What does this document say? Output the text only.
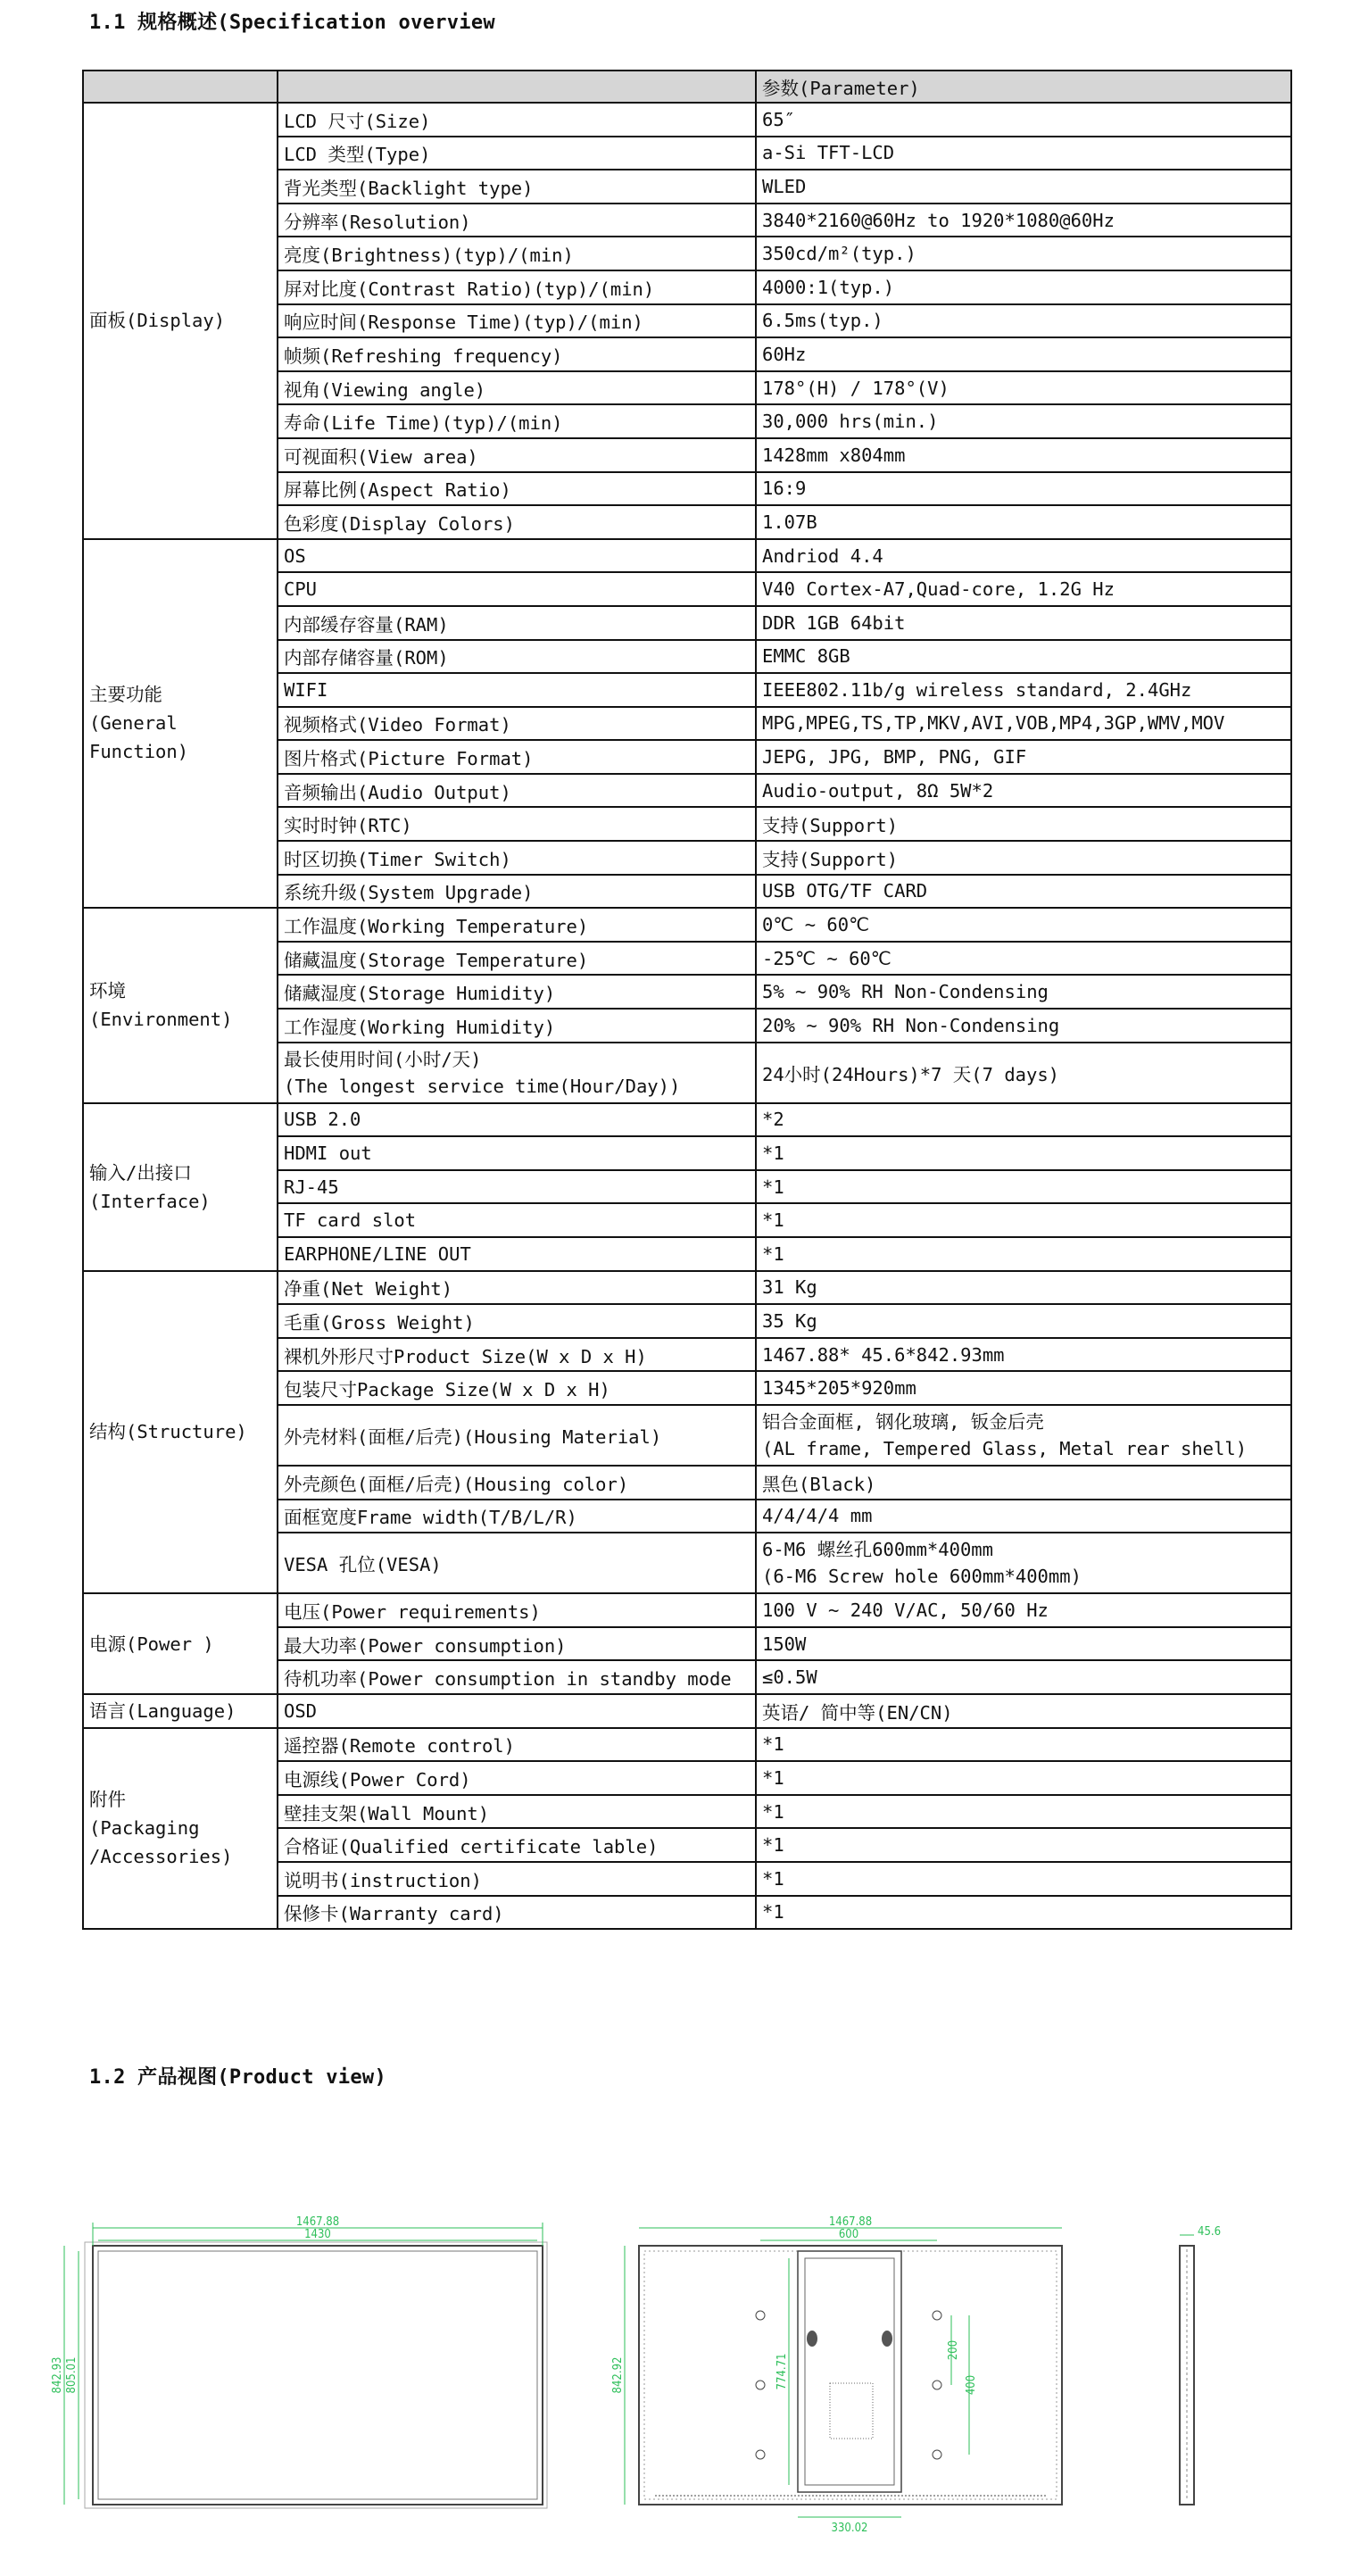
1.1 规格概述(Specification overview
		参数(Parameter)

面板(Display)	LCD 尺寸(Size)	65″
	LCD 类型(Type)	a-Si TFT-LCD
	背光类型(Backlight type)	WLED
	分辨率(Resolution)	3840*2160@60Hz to 1920*1080@60Hz
	亮度(Brightness)(typ)/(min)	350cd/m²(typ.)
	屏对比度(Contrast Ratio)(typ)/(min)	4000:1(typ.)
	响应时间(Response Time)(typ)/(min)	6.5ms(typ.)
	帧频(Refreshing frequency)	60Hz
	视角(Viewing angle)	178°(H) / 178°(V)
	寿命(Life Time)(typ)/(min)	30,000 hrs(min.)
	可视面积(View area)	1428mm x804mm
	屏幕比例(Aspect Ratio)	16:9
	色彩度(Display Colors)	1.07B

主要功能
(General
Function)	OS	Andriod 4.4
	CPU	V40 Cortex-A7,Quad-core, 1.2G Hz
	内部缓存容量(RAM)	DDR 1GB 64bit
	内部存储容量(ROM)	EMMC 8GB
	WIFI	IEEE802.11b/g wireless standard, 2.4GHz
	视频格式(Video Format)	MPG,MPEG,TS,TP,MKV,AVI,VOB,MP4,3GP,WMV,MOV
	图片格式(Picture Format)	JEPG, JPG, BMP, PNG, GIF
	音频输出(Audio Output)	Audio-output, 8Ω 5W*2
	实时时钟(RTC)	支持(Support)
	时区切换(Timer Switch)	支持(Support)
	系统升级(System Upgrade)	USB OTG/TF CARD

环境
(Environment)	工作温度(Working Temperature)	0℃ ~ 60℃
	储藏温度(Storage Temperature)	-25℃ ~ 60℃
	储藏湿度(Storage Humidity)	5% ~ 90% RH Non-Condensing
	工作湿度(Working Humidity)	20% ~ 90% RH Non-Condensing

	最长使用时间(小时/天)
(The longest service time(Hour/Day))	24小时(24Hours)*7 天(7 days)

输入/出接口
(Interface)	USB 2.0	*2
	HDMI out	*1
	RJ-45	*1
	TF card slot	*1
	EARPHONE/LINE OUT	*1

结构(Structure)	净重(Net Weight)	31 Kg
	毛重(Gross Weight)	35 Kg
	裸机外形尺寸Product Size(W x D x H)	1467.88* 45.6*842.93mm
	包装尺寸Package Size(W x D x H)	1345*205*920mm
	外壳材料(面框/后壳)(Housing Material)	铝合金面框, 钢化玻璃, 钣金后壳
(AL frame, Tempered Glass, Metal rear shell)

	外壳颜色(面框/后壳)(Housing color)	黑色(Black)
	面框宽度Frame width(T/B/L/R)	4/4/4/4 mm
	VESA 孔位(VESA)	6-M6 螺丝孔600mm*400mm
(6-M6 Screw hole 600mm*400mm)

电源(Power )	电压(Power requirements)	100 V ~ 240 V/AC, 50/60 Hz
	最大功率(Power consumption)	150W
	待机功率(Power consumption in standby mode	≤0.5W

语言(Language)	OSD	英语/ 简中等(EN/CN)

附件
(Packaging
/Accessories)	遥控器(Remote control)	*1
	电源线(Power Cord)	*1
	壁挂支架(Wall Mount)	*1
	合格证(Qualified certificate lable)	*1
	说明书(instruction)	*1
	保修卡(Warranty card)	*1
1.2 产品视图(Product view)
1467.88
1430
842.93 805.01
1467.88
600
842.92	774.71
200
400
330.02
45.6
